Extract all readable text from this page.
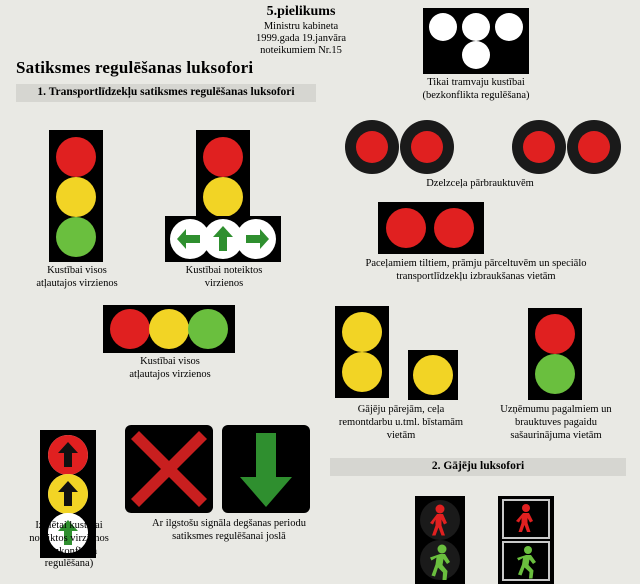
5.pielikums
Ministru kabineta
1999.gada 19.janvāra
noteikumiem Nr.15
Satiksmes regulēšanas luksofori
1. Transportlīdzekļu satiksmes regulēšanas luksofori
2. Gājēju luksofori
Kustībai visos atļautajos virzienos
Kustībai noteiktos virzienos
Kustībai visos atļautajos virzienos
Izolētai kustībai noteiktos virzienos (bezkonflikta regulēšana)
Ar ilgstošu signāla degšanas periodu satiksmes regulēšanai joslā
Tikai tramvaju kustībai (bezkonflikta regulēšana)
Dzelzceļa pārbrauktuvēm
Paceļamiem tiltiem, prāmju pārceltuvēm un speciālo transportlīdzekļu izbraukšanas vietām
Gājēju pārejām, ceļa remontdarbu u.tml. bīstamām vietām
Uzņēmumu pagalmiem un brauktuves pagaidu sašaurinājuma vietām
